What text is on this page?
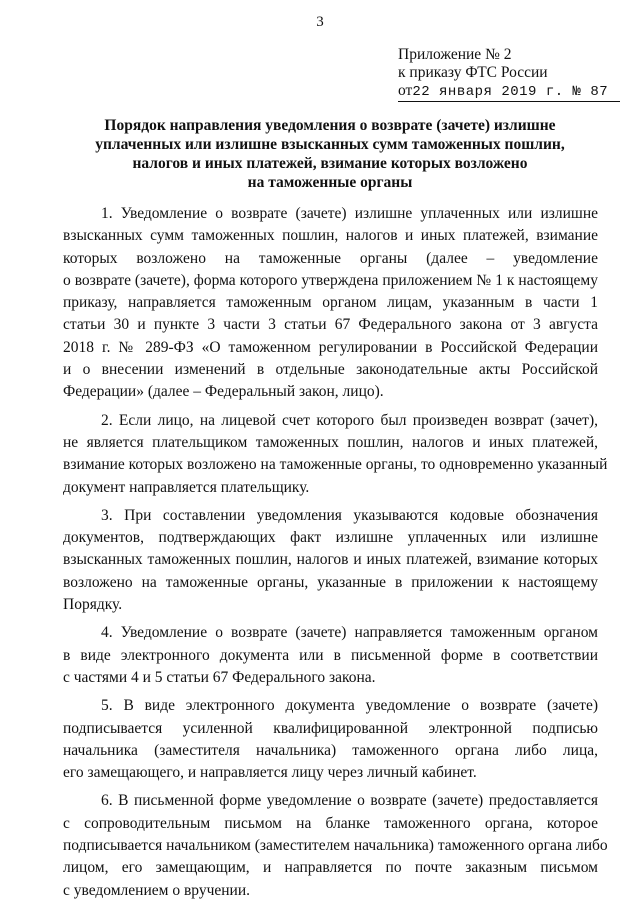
3
Приложение № 2
к приказу ФТС России
от22 января 2019 г. № 87
Порядок направления уведомления о возврате (зачете) излишне
уплаченных или излишне взысканных сумм таможенных пошлин,
налогов и иных платежей, взимание которых возложено
на таможенные органы
1. Уведомление о возврате (зачете) излишне уплаченных или излишне
взысканных сумм таможенных пошлин, налогов и иных платежей, взимание
которых возложено на таможенные органы (далее – уведомление
о возврате (зачете), форма которого утверждена приложением № 1 к настоящему
приказу, направляется таможенным органом лицам, указанным в части 1
статьи 30 и пункте 3 части 3 статьи 67 Федерального закона от 3 августа
2018 г. № 289-ФЗ «О таможенном регулировании в Российской Федерации
и о внесении изменений в отдельные законодательные акты Российской
Федерации» (далее – Федеральный закон, лицо).
2. Если лицо, на лицевой счет которого был произведен возврат (зачет),
не является плательщиком таможенных пошлин, налогов и иных платежей,
взимание которых возложено на таможенные органы, то одновременно указанный
документ направляется плательщику.
3. При составлении уведомления указываются кодовые обозначения
документов, подтверждающих факт излишне уплаченных или излишне
взысканных таможенных пошлин, налогов и иных платежей, взимание которых
возложено на таможенные органы, указанные в приложении к настоящему
Порядку.
4. Уведомление о возврате (зачете) направляется таможенным органом
в виде электронного документа или в письменной форме в соответствии
с частями 4 и 5 статьи 67 Федерального закона.
5. В виде электронного документа уведомление о возврате (зачете)
подписывается усиленной квалифицированной электронной подписью
начальника (заместителя начальника) таможенного органа либо лица,
его замещающего, и направляется лицу через личный кабинет.
6. В письменной форме уведомление о возврате (зачете) предоставляется
с сопроводительным письмом на бланке таможенного органа, которое
подписывается начальником (заместителем начальника) таможенного органа либо
лицом, его замещающим, и направляется по почте заказным письмом
с уведомлением о вручении.
